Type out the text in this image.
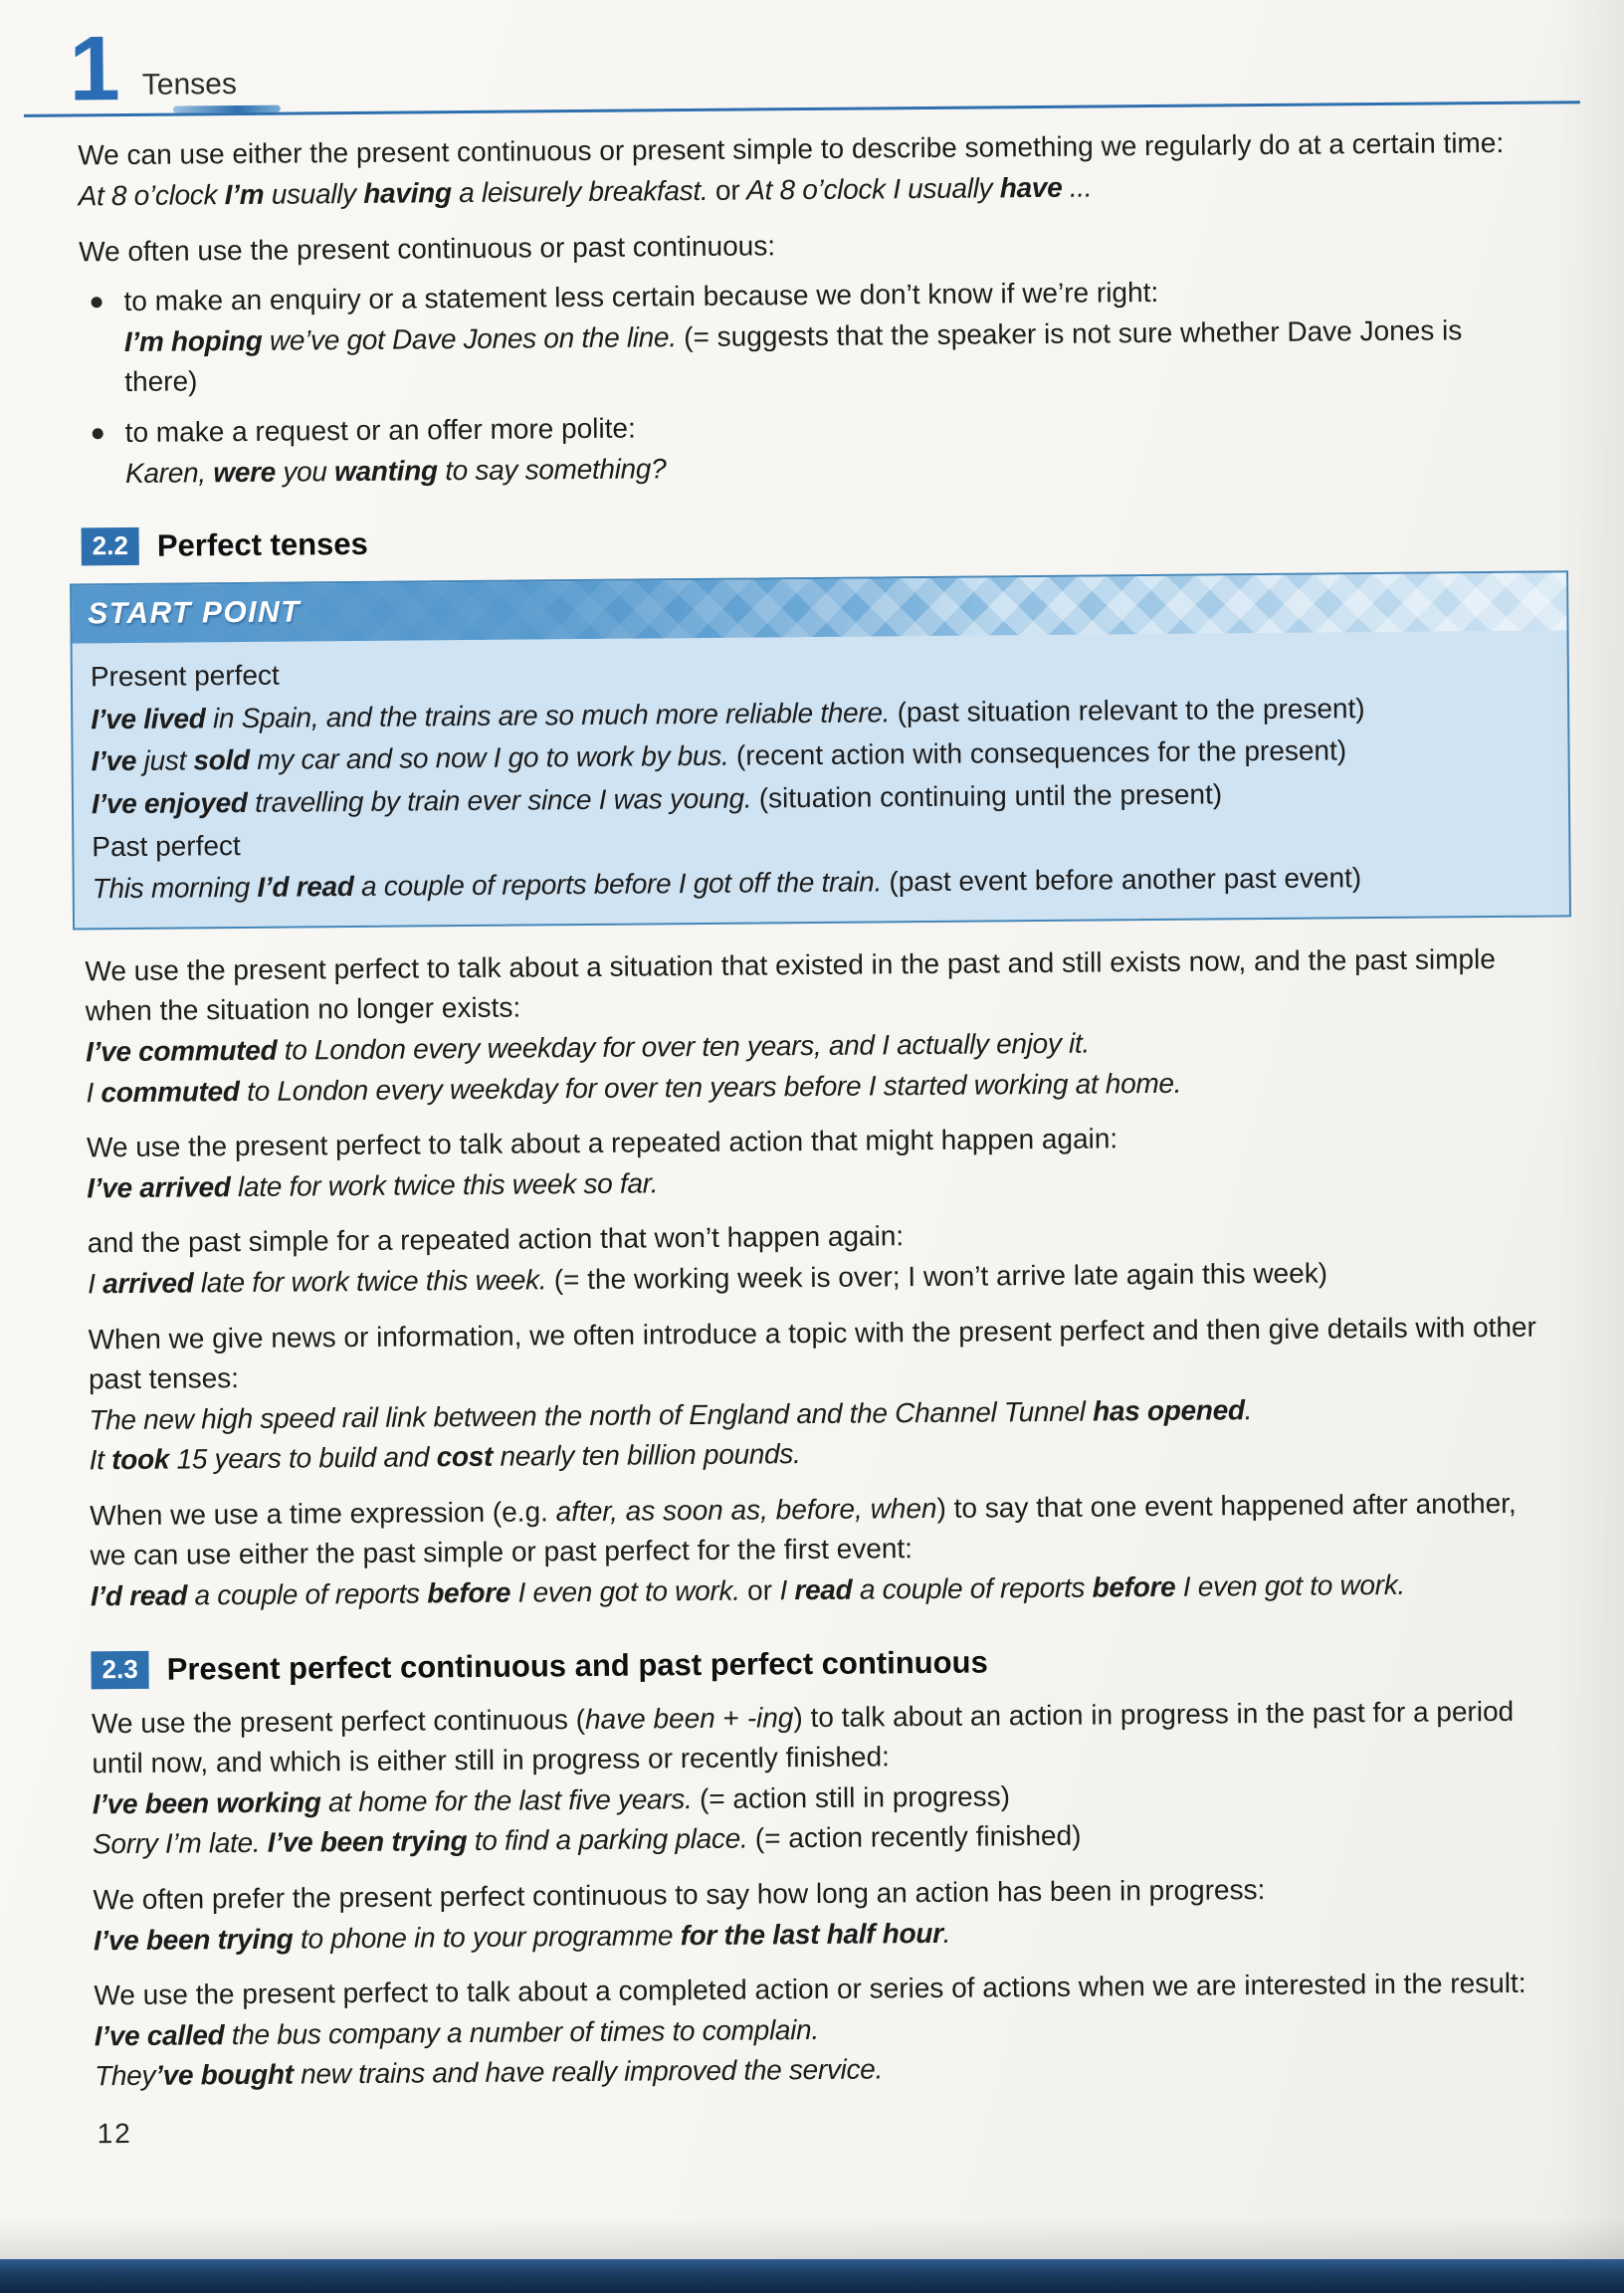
1 Tenses

We can use either the present continuous or present simple to describe something we regularly do at a certain time:

At 8 o’clock I’m usually having a leisurely breakfast. or At 8 o’clock I usually have ...

We often use the present continuous or past continuous:

to make an enquiry or a statement less certain because we don’t know if we’re right:

I’m hoping we’ve got Dave Jones on the line. (= suggests that the speaker is not sure whether Dave Jones is there)

to make a request or an offer more polite:

Karen, were you wanting to say something?

2.2 Perfect tenses
START POINT

Present perfect

I’ve lived in Spain, and the trains are so much more reliable there. (past situation relevant to the present)

I’ve just sold my car and so now I go to work by bus. (recent action with consequences for the present)

I’ve enjoyed travelling by train ever since I was young. (situation continuing until the present)

Past perfect

This morning I’d read a couple of reports before I got off the train. (past event before another past event)

We use the present perfect to talk about a situation that existed in the past and still exists now, and the past simple when the situation no longer exists:

I’ve commuted to London every weekday for over ten years, and I actually enjoy it.

I commuted to London every weekday for over ten years before I started working at home.

We use the present perfect to talk about a repeated action that might happen again:

I’ve arrived late for work twice this week so far.

and the past simple for a repeated action that won’t happen again:

I arrived late for work twice this week. (= the working week is over; I won’t arrive late again this week)

When we give news or information, we often introduce a topic with the present perfect and then give details with other past tenses:

The new high speed rail link between the north of England and the Channel Tunnel has opened.

It took 15 years to build and cost nearly ten billion pounds.

When we use a time expression (e.g. after, as soon as, before, when) to say that one event happened after another, we can use either the past simple or past perfect for the first event:

I’d read a couple of reports before I even got to work. or I read a couple of reports before I even got to work.

2.3 Present perfect continuous and past perfect continuous

We use the present perfect continuous (have been + -ing) to talk about an action in progress in the past for a period until now, and which is either still in progress or recently finished:

I’ve been working at home for the last five years. (= action still in progress)

Sorry I’m late. I’ve been trying to find a parking place. (= action recently finished)

We often prefer the present perfect continuous to say how long an action has been in progress:

I’ve been trying to phone in to your programme for the last half hour.

We use the present perfect to talk about a completed action or series of actions when we are interested in the result:

I’ve called the bus company a number of times to complain.

They’ve bought new trains and have really improved the service.

12
